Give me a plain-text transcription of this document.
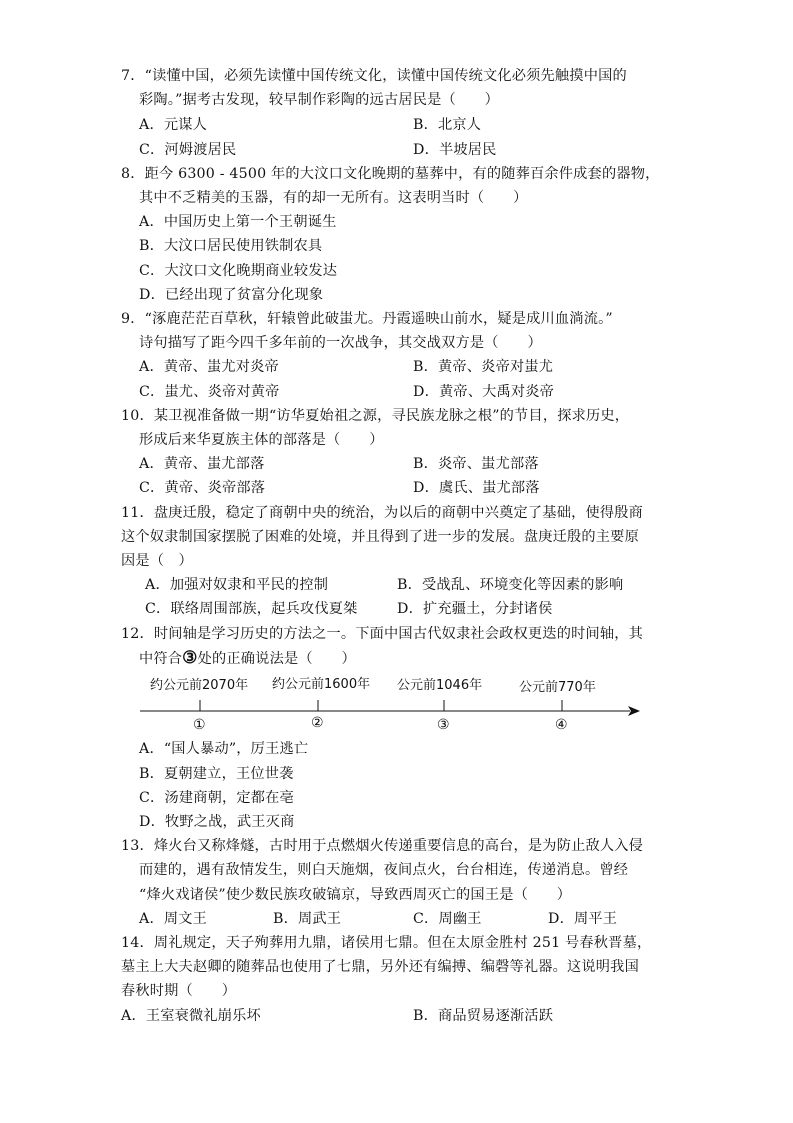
7．“读懂中国，必须先读懂中国传统文化，读懂中国传统文化必须先触摸中国的
彩陶。”据考古发现，较早制作彩陶的远古居民是（　　）
A．元谋人	B．北京人
C．河姆渡居民	D．半坡居民
8．距今 6300 - 4500 年的大汶口文化晚期的墓葬中，有的随葬百余件成套的器物，
其中不乏精美的玉器，有的却一无所有。这表明当时（　　）
A．中国历史上第一个王朝诞生
B．大汶口居民使用铁制农具
C．大汶口文化晚期商业较发达
D．已经出现了贫富分化现象
9．“涿鹿茫茫百草秋，轩辕曾此破蚩尤。丹霞遥映山前水，疑是成川血淌流。”
诗句描写了距今四千多年前的一次战争，其交战双方是（　　）
A．黄帝、蚩尤对炎帝	B．黄帝、炎帝对蚩尤
C．蚩尤、炎帝对黄帝	D．黄帝、大禹对炎帝
10．某卫视准备做一期“访华夏始祖之源，寻民族龙脉之根”的节目，探求历史，
形成后来华夏族主体的部落是（　　）
A．黄帝、蚩尤部落	B．炎帝、蚩尤部落
C．黄帝、炎帝部落	D．虞氏、蚩尤部落
11．盘庚迁殷，稳定了商朝中央的统治，为以后的商朝中兴奠定了基础，使得殷商
这个奴隶制国家摆脱了困难的处境，并且得到了进一步的发展。盘庚迁殷的主要原
因是（　）
A．加强对奴隶和平民的控制	B．受战乱、环境变化等因素的影响
C．联络周围部族，起兵攻伐夏桀	D．扩充疆土，分封诸侯
12．时间轴是学习历史的方法之一。下面中国古代奴隶社会政权更迭的时间轴，其
中符合③处的正确说法是（　　）
约公元前2070年 约公元前1600年 公元前1046年	公元前770年
①	②	③	④
A．“国人暴动”，厉王逃亡
B．夏朝建立，王位世袭
C．汤建商朝，定都在亳
D．牧野之战，武王灭商
13．烽火台又称烽燧，古时用于点燃烟火传递重要信息的高台，是为防止敌人入侵
而建的，遇有敌情发生，则白天施烟，夜间点火，台台相连，传递消息。曾经
“烽火戏诸侯”使少数民族攻破镐京，导致西周灭亡的国王是（　　）
A．周文王	B．周武王	C．周幽王	D．周平王
14．周礼规定，天子殉葬用九鼎，诸侯用七鼎。但在太原金胜村 251 号春秋晋墓，
墓主上大夫赵卿的随葬品也使用了七鼎，另外还有编搏、编磬等礼器。这说明我国
春秋时期（　　）
A．王室衰微礼崩乐坏	B．商品贸易逐渐活跃
